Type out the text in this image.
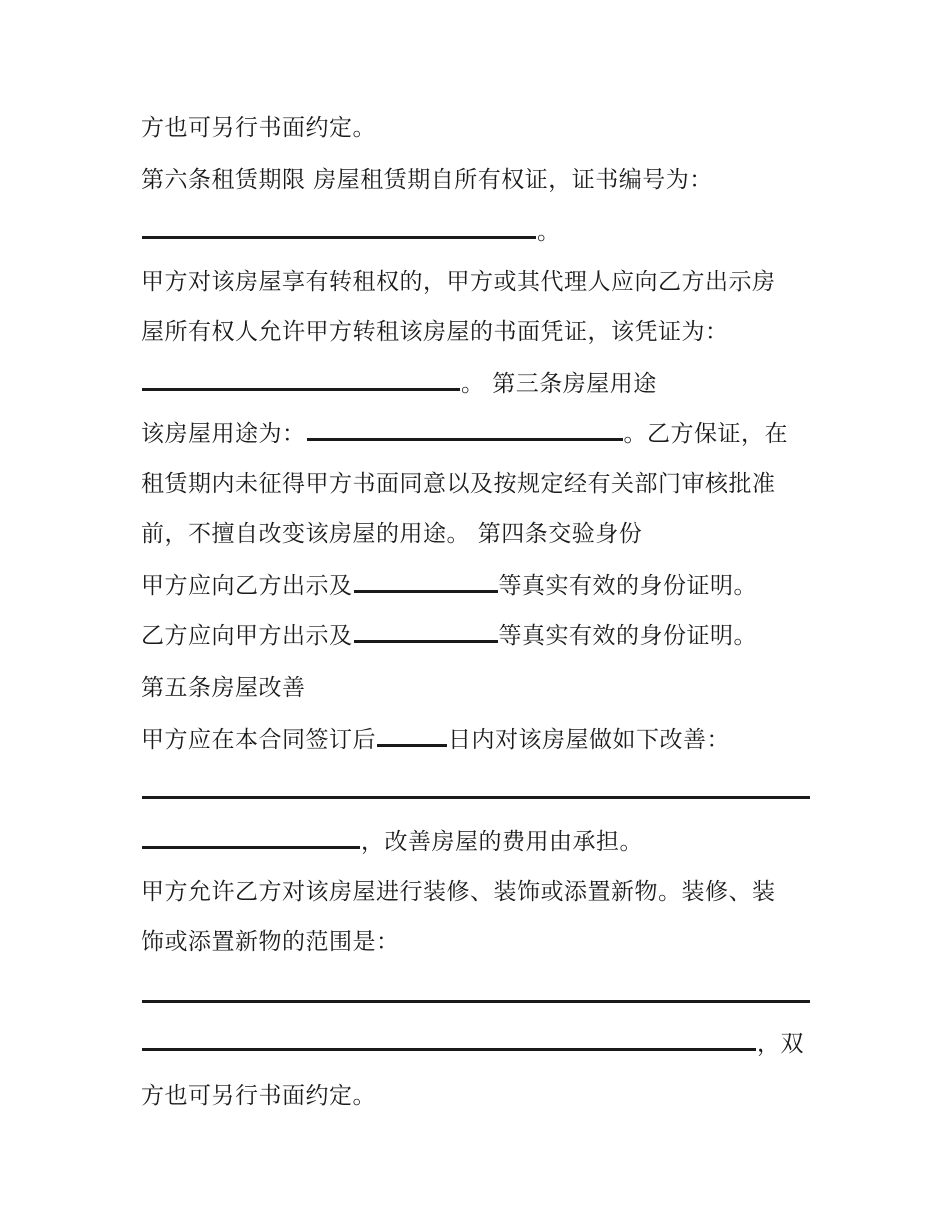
方也可另行书面约定。
第六条租赁期限 房屋租赁期自所有权证，证书编号为：
。
甲方对该房屋享有转租权的，甲方或其代理人应向乙方出示房
屋所有权人允许甲方转租该房屋的书面凭证，该凭证为：
。 第三条房屋用途
该房屋用途为：	。乙方保证，在
租赁期内未征得甲方书面同意以及按规定经有关部门审核批准
前，不擅自改变该房屋的用途。 第四条交验身份
甲方应向乙方出示及	等真实有效的身份证明。
乙方应向甲方出示及	等真实有效的身份证明。
第五条房屋改善
甲方应在本合同签订后	日内对该房屋做如下改善：
，改善房屋的费用由承担。
甲方允许乙方对该房屋进行装修、装饰或添置新物。装修、装
饰或添置新物的范围是：
，双
方也可另行书面约定。
